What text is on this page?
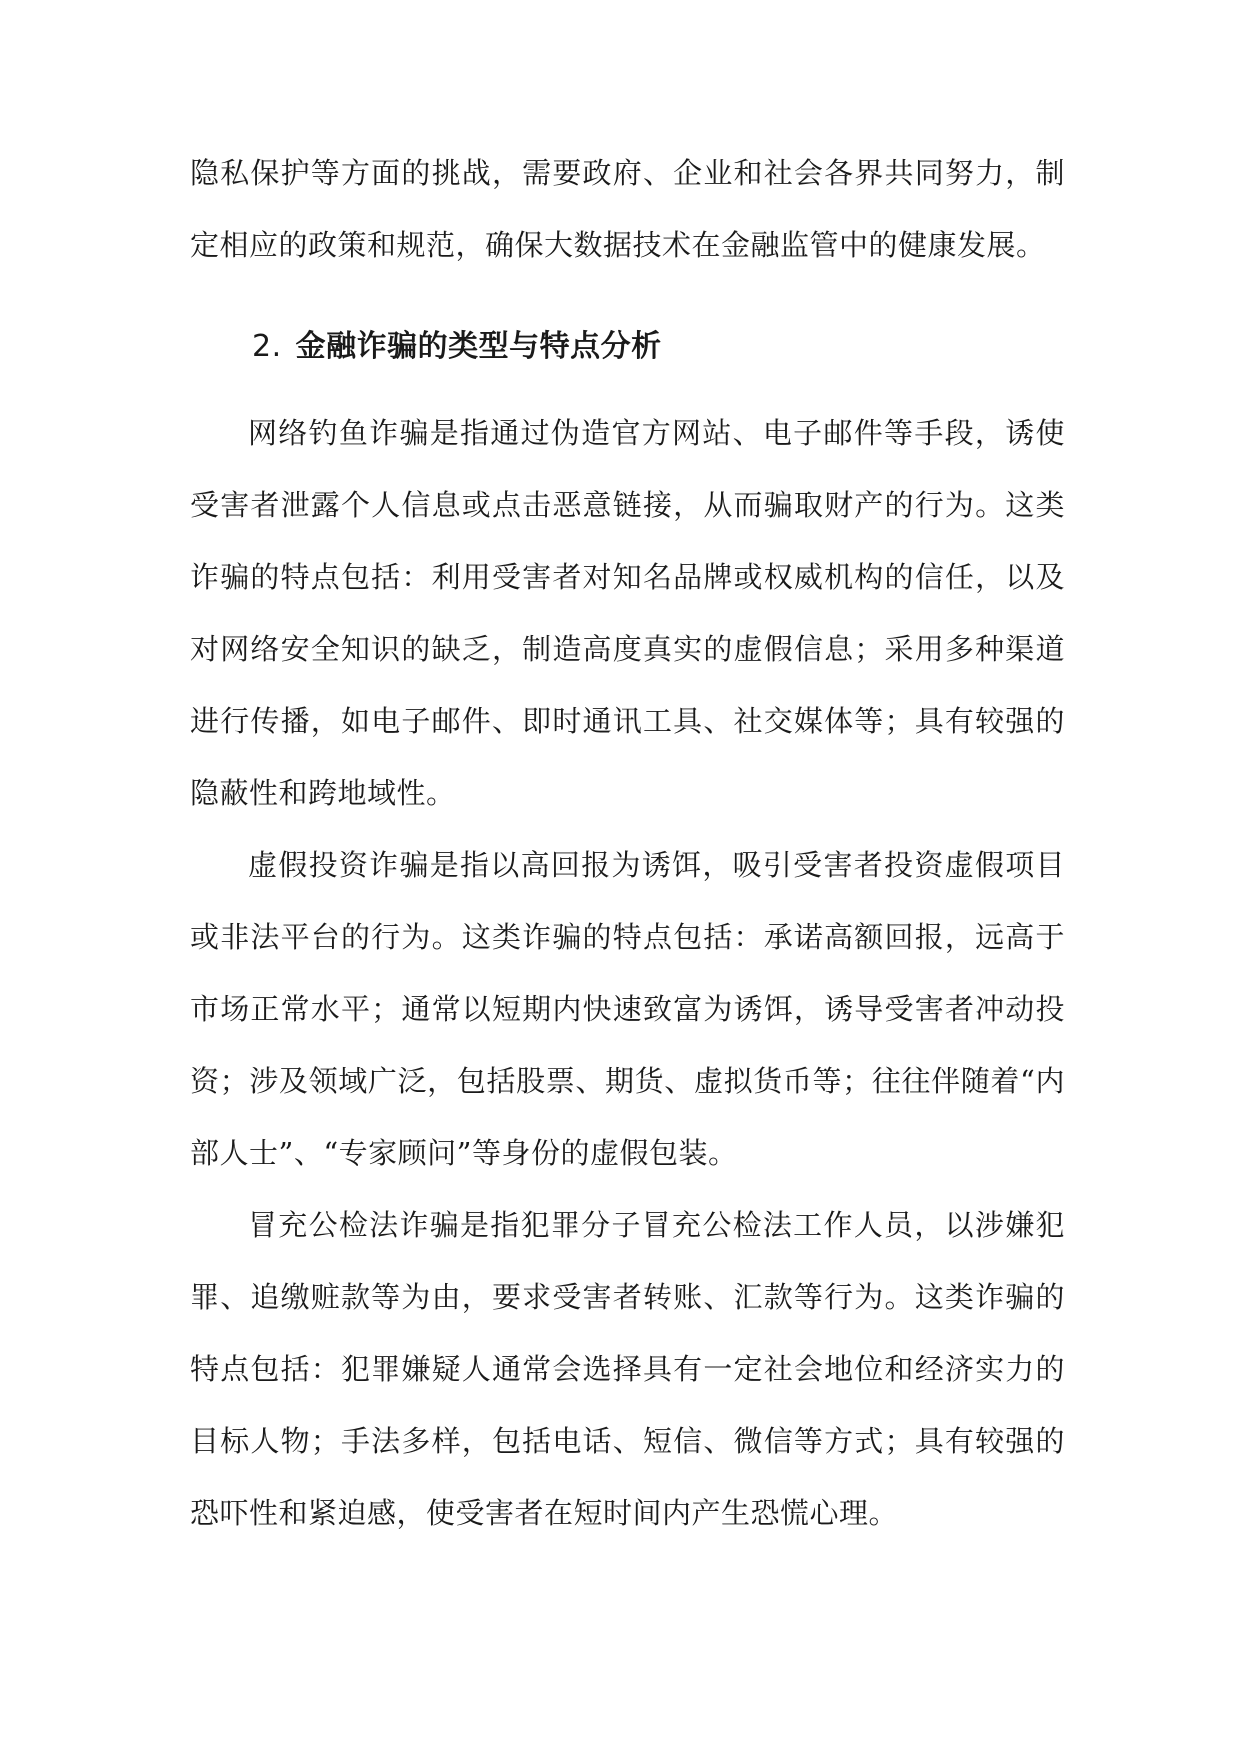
隐私保护等方面的挑战，需要政府、企业和社会各界共同努力，制定相应的政策和规范，确保大数据技术在金融监管中的健康发展。

2. 金融诈骗的类型与特点分析

网络钓鱼诈骗是指通过伪造官方网站、电子邮件等手段，诱使受害者泄露个人信息或点击恶意链接，从而骗取财产的行为。这类诈骗的特点包括：利用受害者对知名品牌或权威机构的信任，以及对网络安全知识的缺乏，制造高度真实的虚假信息；采用多种渠道进行传播，如电子邮件、即时通讯工具、社交媒体等；具有较强的隐蔽性和跨地域性。

虚假投资诈骗是指以高回报为诱饵，吸引受害者投资虚假项目或非法平台的行为。这类诈骗的特点包括：承诺高额回报，远高于市场正常水平；通常以短期内快速致富为诱饵，诱导受害者冲动投资；涉及领域广泛，包括股票、期货、虚拟货币等；往往伴随着“内部人士”、“专家顾问”等身份的虚假包装。

冒充公检法诈骗是指犯罪分子冒充公检法工作人员，以涉嫌犯罪、追缴赃款等为由，要求受害者转账、汇款等行为。这类诈骗的特点包括：犯罪嫌疑人通常会选择具有一定社会地位和经济实力的目标人物；手法多样，包括电话、短信、微信等方式；具有较强的恐吓性和紧迫感，使受害者在短时间内产生恐慌心理。
